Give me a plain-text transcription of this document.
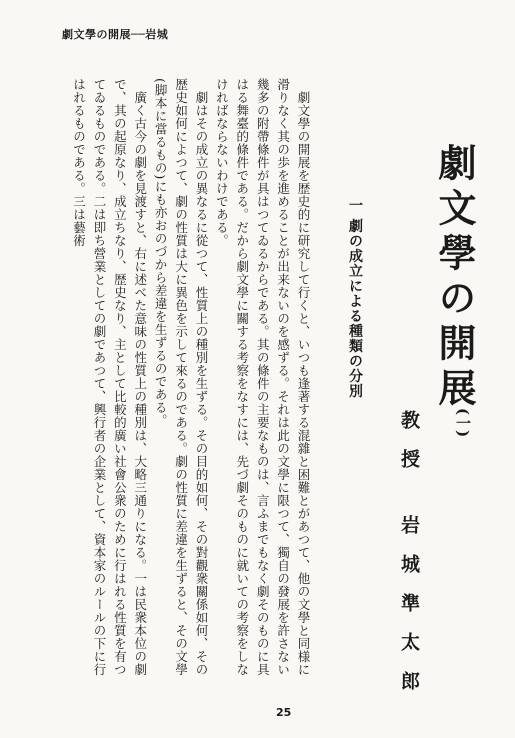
劇文學の開展──岩城
劇文學の開展
(一)
教授 岩城準太郎
一 劇の成立による種類の分別

劇文學の開展を歴史的に研究して行くと、いつも逢著する混雜と困難とがあつて、他の文學と同様に滑りなく其の歩を進めることが出来ないのを感ずる。それは此の文學に限つて、獨自の發展を許さない幾多の附帶條件が具はつてゐるからである。其の條件の主要なものは、言ふまでもなく劇そのものに具はる舞臺的條件である。だから劇文學に關する考察をなすには、先づ劇そのものに就いての考察をしなければならないわけである。

劇はその成立の異なるに從つて、性質上の種別を生ずる。その目的如何、その對觀衆關係如何、その歴史如何によつて、劇の性質は大に異色を示して來るのである。劇の性質に差違を生ずると、その文學(脚本に當るもの)にも亦おのづから差違を生ずるのである。

廣く古今の劇を見渡すと、右に述べた意味の性質上の種別は、大略三通りになる。一は民衆本位の劇で、其の起原なり、成立ちなり、歴史なり、主として比較的廣い社會公衆のために行はれる性質を有つてゐるものである。二は即ち營業としての劇であつて、興行者の企業として、資本家のルールの下に行はれるものである。三は藝術

25
